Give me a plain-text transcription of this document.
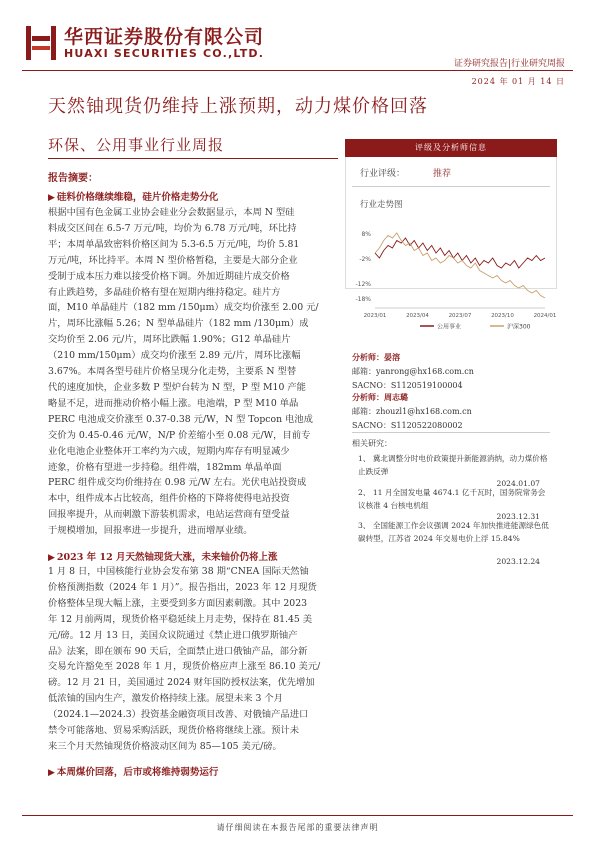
华西证券股份有限公司
HUAXI SECURITIES CO.,LTD.
证券研究报告|行业研究周报
2024 年 01 月 14 日
天然铀现货仍维持上涨预期，动力煤价格回落
环保、公用事业行业周报
报告摘要：
▶ 硅料价格继续维稳，硅片价格走势分化
根据中国有色金属工业协会硅业分会数据显示，本周 N 型硅
料成交区间在 6.5-7 万元/吨，均价为 6.78 万元/吨，环比持
平；本周单晶致密料价格区间为 5.3-6.5 万元/吨，均价 5.81
万元/吨，环比持平。本周 N 型价格暂稳，主要是大部分企业
受制于成本压力难以接受价格下调。外加近期硅片成交价格
有止跌趋势，多晶硅价格有望在短期内维持稳定。硅片方
面，M10 单晶硅片（182 mm /150μm）成交均价涨至 2.00 元/
片，周环比涨幅 5.26；N 型单晶硅片（182 mm /130μm）成
交均价至 2.06 元/片，周环比跌幅 1.90%；G12 单晶硅片
（210 mm/150μm）成交均价涨至 2.89 元/片，周环比涨幅
3.67%。本周各型号硅片价格呈现分化走势，主要系 N 型替
代的速度加快，企业多数 P 型炉台转为 N 型，P 型 M10 产能
略显不足，进而推动价格小幅上涨。电池端，P 型 M10 单晶
PERC 电池成交价涨至 0.37-0.38 元/W，N 型 Topcon 电池成
交价为 0.45-0.46 元/W，N/P 价差缩小至 0.08 元/W，目前专
业化电池企业整体开工率约为六成，短期内库存有明显减少
迹象，价格有望进一步持稳。组件端，182mm 单晶单面
PERC 组件成交均价维持在 0.98 元/W 左右。光伏电站投资成
本中，组件成本占比较高，组件价格的下降将使得电站投资
回报率提升，从而刺激下游装机需求，电站运营商有望受益
于规模增加，回报率进一步提升，进而增厚业绩。
▶ 2023 年 12 月天然铀现货大涨，未来铀价仍将上涨
1 月 8 日，中国核能行业协会发布第 38 期“CNEA 国际天然铀
价格预测指数（2024 年 1 月）”。报告指出，2023 年 12 月现货
价格整体呈现大幅上涨，主要受到多方面因素刺激。其中 2023
年 12 月前两周，现货价格平稳延续上月走势，保持在 81.45 美
元/磅。12 月 13 日，美国众议院通过《禁止进口俄罗斯铀产
品》法案，即在颁布 90 天后，全面禁止进口俄铀产品，部分新
交易允许豁免至 2028 年 1 月，现货价格应声上涨至 86.10 美元/
磅。12 月 21 日，美国通过 2024 财年国防授权法案，优先增加
低浓铀的国内生产，激发价格持续上涨。展望未来 3 个月
（2024.1—2024.3）投资基金融资项目改善、对俄铀产品进口
禁令可能落地、贸易采购活跃，现货价格将继续上涨。预计未
来三个月天然铀现货价格波动区间为 85—105 美元/磅。
▶ 本周煤价回落，后市或将维持弱势运行
评级及分析师信息
行业评级：	推荐
行业走势图
8%
-2%
-12%
-18%
2023/01	2023/04	2023/07	2023/10	2024/01
公用事业	沪深300
分析师：晏溶
邮箱：yanrong@hx168.com.cn
SACNO：S1120519100004
分析师：周志璐
邮箱：zhouzl1@hx168.com.cn
SACNO：S1120522080002
相关研究：
1、 冀北调整分时电价政策提升新能源消纳，动力煤价格止跌反弹
2024.01.07
2、 11 月全国发电量 4674.1 亿千瓦时，国务院常务会议核准 4 台核电机组
2023.12.31
3、 全国能源工作会议强调 2024 年加快推进能源绿色低碳转型，江苏省 2024 年交易电价上浮 15.84%
2023.12.24
请仔细阅读在本报告尾部的重要法律声明
